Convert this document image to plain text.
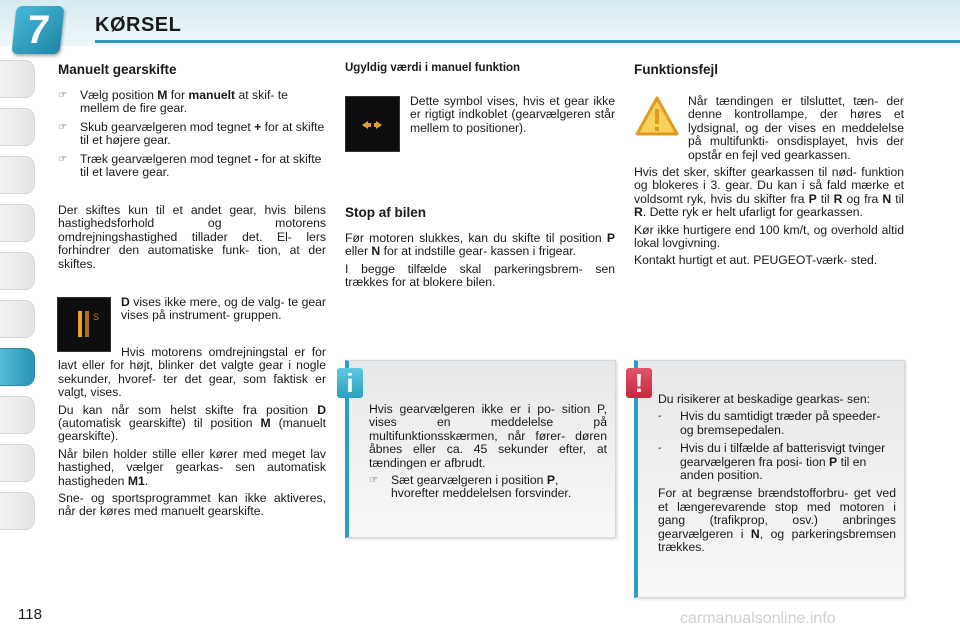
7 KØRSEL
Manuelt gearskifte
☞	Vælg position M for manuelt at skif- te mellem de fire gear.
☞	Skub gearvælgeren mod tegnet + for at skifte til et højere gear.
☞	Træk gearvælgeren mod tegnet - for at skifte til et lavere gear.

Der skiftes kun til et andet gear, hvis bilens hastighedsforhold og motorens omdrejningshastighed tillader det. El- lers forhindrer den automatiske funk- tion, at der skiftes.

S

D vises ikke mere, og de valg- te gear vises på instrument- gruppen.

Hvis motorens omdrejningstal er for lavt eller for højt, blinker det valgte gear i nogle sekunder, hvoref- ter det gear, som faktisk er valgt, vises.

Du kan når som helst skifte fra position D (automatisk gearskifte) til position M (manuelt gearskifte).

Når bilen holder stille eller kører med meget lav hastighed, vælger gearkas- sen automatisk hastigheden M1.

Sne- og sportsprogrammet kan ikke aktiveres, når der køres med manuelt gearskifte.

Ugyldig værdi i manuel funktion

Dette symbol vises, hvis et gear ikke er rigtigt indkoblet (gearvælgeren står mellem to positioner).

Stop af bilen

Før motoren slukkes, kan du skifte til position P eller N for at indstille gear- kassen i frigear.

I begge tilfælde skal parkeringsbrem- sen trækkes for at blokere bilen.

i

Hvis gearvælgeren ikke er i po- sition P, vises en meddelelse på multifunktionsskærmen, når fører- døren åbnes eller ca. 45 sekunder efter, at tændingen er afbrudt.

☞	Sæt gearvælgeren i position P, hvorefter meddelelsen forsvinder.
Funktionsfejl

Når tændingen er tilsluttet, tæn- der denne kontrollampe, der høres et lydsignal, og der vises en meddelelse på multifunkti- onsdisplayet, hvis der opstår en fejl ved gearkassen.

Hvis det sker, skifter gearkassen til nød- funktion og blokeres i 3. gear. Du kan i så fald mærke et voldsomt ryk, hvis du skifter fra P til R og fra N til R. Dette ryk er helt ufarligt for gearkassen.

Kør ikke hurtigere end 100 km/t, og overhold altid lokal lovgivning.

Kontakt hurtigt et aut. PEUGEOT-værk- sted.

!

Du risikerer at beskadige gearkas- sen:

-	Hvis du samtidigt træder på speeder- og bremsepedalen.
-	Hvis du i tilfælde af batterisvigt tvinger gearvælgeren fra posi- tion P til en anden position.

For at begrænse brændstofforbru- get ved et længerevarende stop med motoren i gang (trafikprop, osv.) anbringes gearvælgeren i N, og parkeringsbremsen trækkes.

118	carmanualsonline.info
